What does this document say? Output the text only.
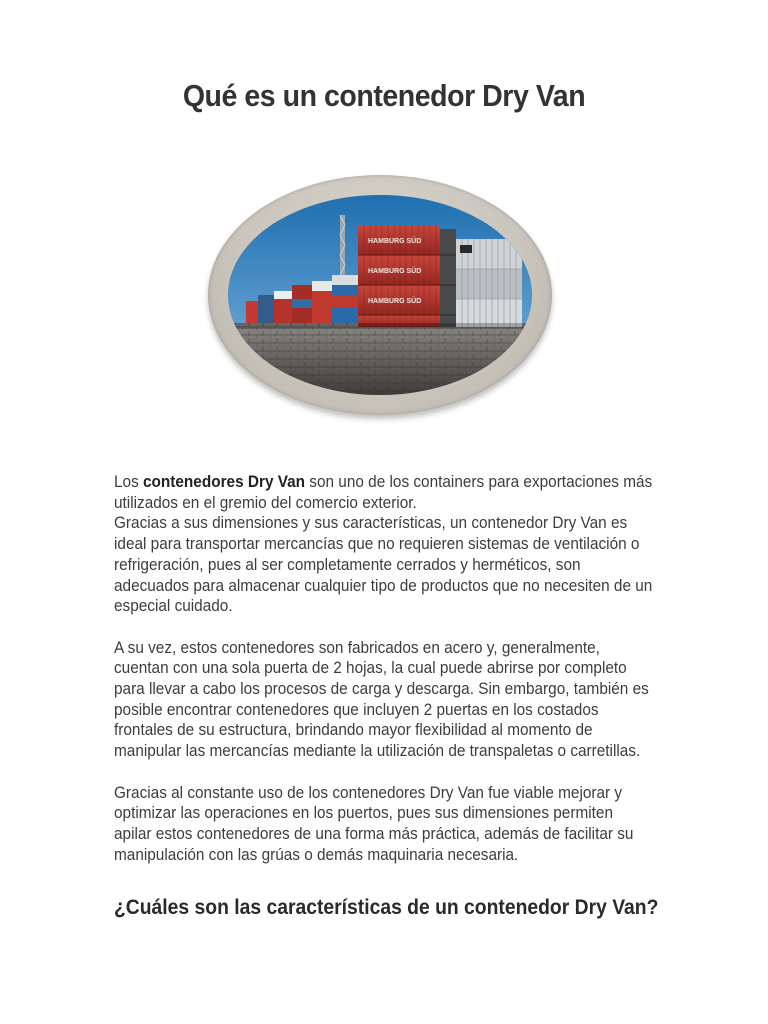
Qué es un contenedor Dry Van
HAMBURG SÜD
HAMBURG SÜD
HAMBURG SÜD

Los contenedores Dry Van son uno de los containers para exportaciones más utilizados en el gremio del comercio exterior.

Gracias a sus dimensiones y sus características, un contenedor Dry Van es ideal para transportar mercancías que no requieren sistemas de ventilación o refrigeración, pues al ser completamente cerrados y herméticos, son adecuados para almacenar cualquier tipo de productos que no necesiten de un especial cuidado.

A su vez, estos contenedores son fabricados en acero y, generalmente, cuentan con una sola puerta de 2 hojas, la cual puede abrirse por completo para llevar a cabo los procesos de carga y descarga. Sin embargo, también es posible encontrar contenedores que incluyen 2 puertas en los costados frontales de su estructura, brindando mayor flexibilidad al momento de manipular las mercancías mediante la utilización de transpaletas o carretillas.

Gracias al constante uso de los contenedores Dry Van fue viable mejorar y optimizar las operaciones en los puertos, pues sus dimensiones permiten apilar estos contenedores de una forma más práctica, además de facilitar su manipulación con las grúas o demás maquinaria necesaria.

¿Cuáles son las características de un contenedor Dry Van?
